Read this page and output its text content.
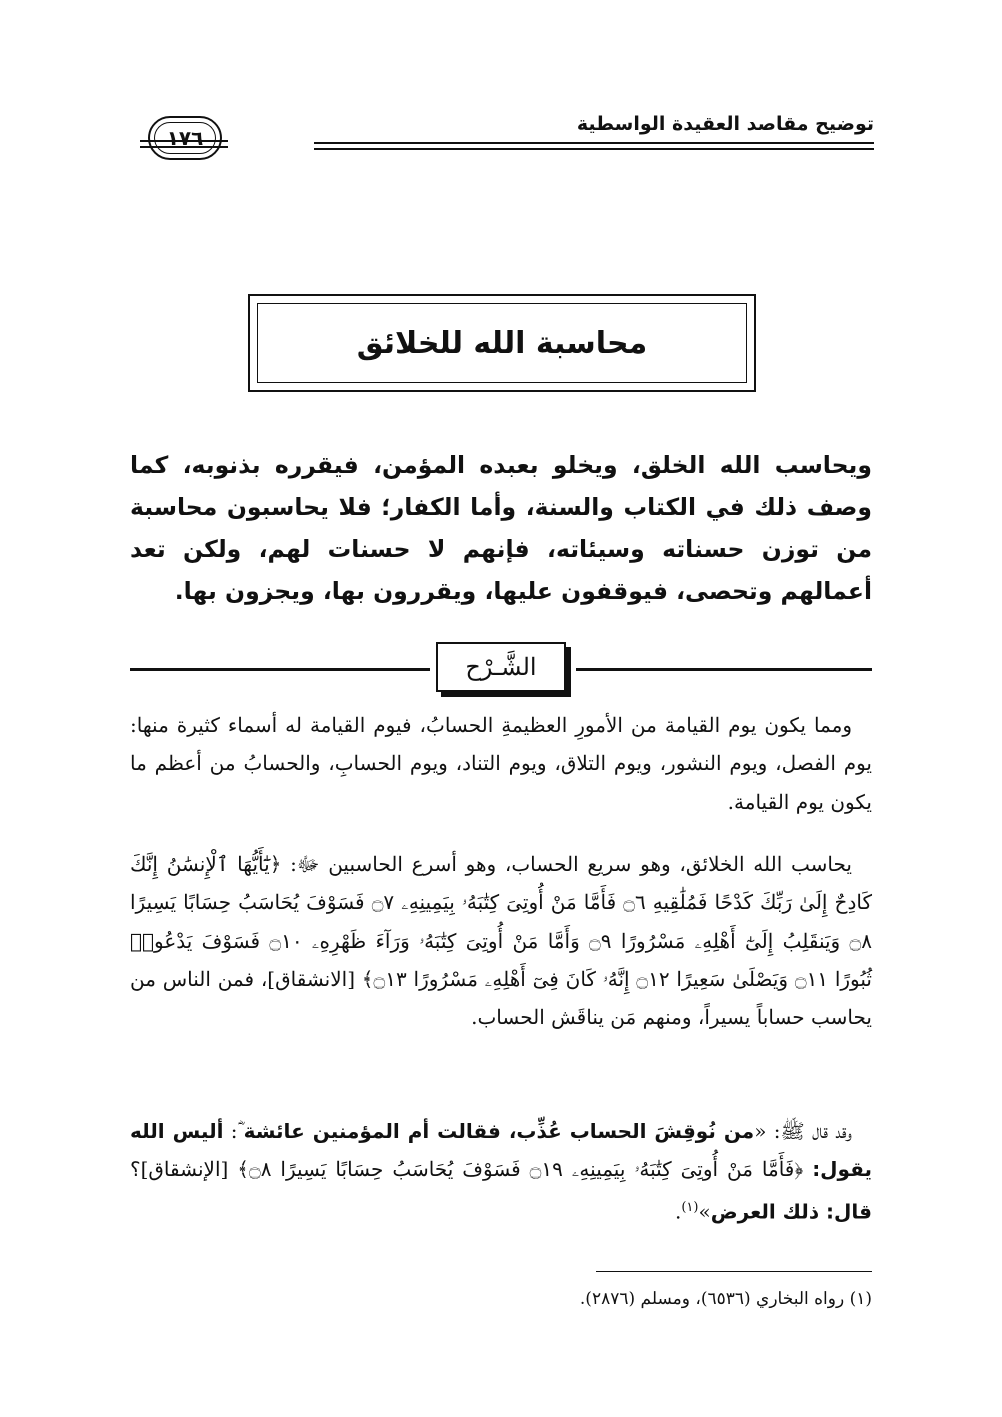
توضيح مقاصد العقيدة الواسطية
١٧٦
محاسبة الله للخلائق
ويحاسب الله الخلق، ويخلو بعبده المؤمن، فيقرره بذنوبه، كما وصف ذلك في الكتاب والسنة، وأما الكفار؛ فلا يحاسبون محاسبة من توزن حسناته وسيئاته، فإنهم لا حسنات لهم، ولكن تعد أعمالهم وتحصى، فيوقفون عليها، ويقررون بها، ويجزون بها.
الشَّـرْح
ومما يكون يوم القيامة من الأمورِ العظيمةِ الحسابُ، فيوم القيامة له أسماء كثيرة منها: يوم الفصل، ويوم النشور، ويوم التلاق، ويوم التناد، ويوم الحسابِ، والحسابُ من أعظم ما يكون يوم القيامة.
يحاسب الله الخلائق، وهو سريع الحساب، وهو أسرع الحاسبين ﷻ: ﴿يَٰٓأَيُّهَا ٱلْإِنسَٰنُ إِنَّكَ كَادِحٌ إِلَىٰ رَبِّكَ كَدْحًا فَمُلَٰقِيهِ ۝٦ فَأَمَّا مَنْ أُوتِىَ كِتَٰبَهُۥ بِيَمِينِهِۦ ۝٧ فَسَوْفَ يُحَاسَبُ حِسَابًا يَسِيرًا ۝٨ وَيَنقَلِبُ إِلَىٰٓ أَهْلِهِۦ مَسْرُورًا ۝٩ وَأَمَّا مَنْ أُوتِىَ كِتَٰبَهُۥ وَرَآءَ ظَهْرِهِۦ ۝١٠ فَسَوْفَ يَدْعُوا۟ ثُبُورًا ۝١١ وَيَصْلَىٰ سَعِيرًا ۝١٢ إِنَّهُۥ كَانَ فِىٓ أَهْلِهِۦ مَسْرُورًا ۝١٣﴾ [الانشقاق]، فمن الناس من يحاسب حساباً يسيراً، ومنهم مَن يناقَش الحساب.
وقد قال ﷺ: «من نُوقِشَ الحساب عُذِّب، فقالت أم المؤمنين عائشة ؓ: أليس الله يقول: ﴿فَأَمَّا مَنْ أُوتِىَ كِتَٰبَهُۥ بِيَمِينِهِۦ ۝١٩ فَسَوْفَ يُحَاسَبُ حِسَابًا يَسِيرًا ۝٨﴾ [الإنشقاق]؟ قال: ذلك العرض»$^{(١)}$.
(١) رواه البخاري (٦٥٣٦)، ومسلم (٢٨٧٦).
